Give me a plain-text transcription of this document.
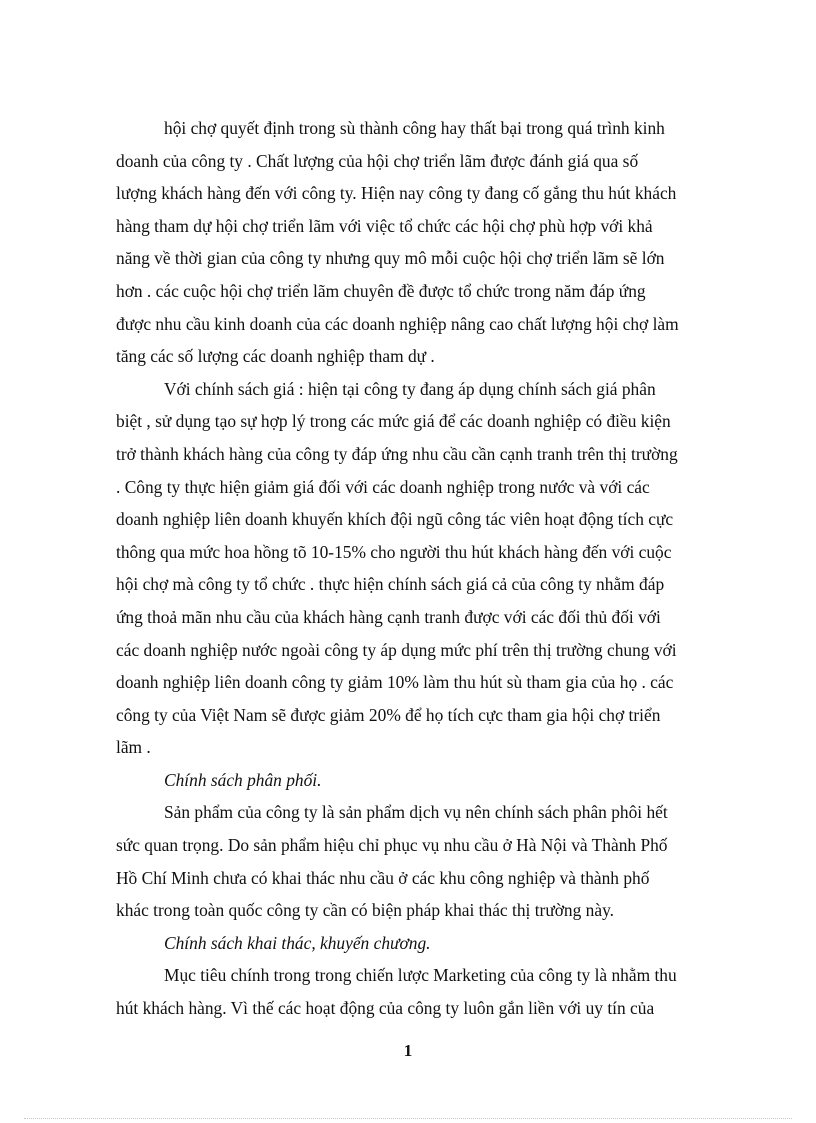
hội chợ quyết định trong sù thành công hay thất bại trong quá trình kinh
doanh của công ty . Chất lượng của hội chợ triển lãm được đánh giá qua số
lượng khách hàng đến với công ty. Hiện nay công ty đang cố gắng thu hút khách
hàng tham dự hội chợ triển lãm với việc tổ chức các hội chợ phù hợp với khả
năng về thời gian của công ty nhưng quy mô mỗi cuộc hội chợ triển lãm sẽ lớn
hơn . các cuộc hội chợ triển lãm chuyên đề được tổ chức trong năm đáp ứng
được nhu cầu kinh doanh của các doanh nghiệp nâng cao chất lượng hội chợ làm
tăng các số lượng các doanh nghiệp tham dự .

Với chính sách giá : hiện tại công ty đang áp dụng chính sách giá phân
biệt , sử dụng tạo sự hợp lý trong các mức giá để các doanh nghiệp có điều kiện
trở thành khách hàng của công ty đáp ứng nhu cầu cần cạnh tranh trên thị trường
. Công ty thực hiện giảm giá đối với các doanh nghiệp trong nước và với các
doanh nghiệp liên doanh khuyến khích đội ngũ công tác viên hoạt động tích cực
thông qua mức hoa hồng tõ 10-15% cho người thu hút khách hàng đến với cuộc
hội chợ mà công ty tổ chức . thực hiện chính sách giá cả của công ty nhằm đáp
ứng thoả mãn nhu cầu của khách hàng cạnh tranh được với các đối thủ đối với
các doanh nghiệp nước ngoài công ty áp dụng mức phí trên thị trường chung với
doanh nghiệp liên doanh công ty giảm 10% làm thu hút sù tham gia của họ . các
công ty của Việt Nam sẽ được giảm 20% để họ tích cực tham gia hội chợ triển
lãm .

Chính sách phân phối.

Sản phẩm của công ty là sản phẩm dịch vụ nên chính sách phân phôi hết
sức quan trọng. Do sản phẩm hiệu chỉ phục vụ nhu cầu ở Hà Nội và Thành Phố
Hồ Chí Minh chưa có khai thác nhu cầu ở các khu công nghiệp và thành phố
khác trong toàn quốc công ty cần có biện pháp khai thác thị trường này.

Chính sách khai thác, khuyến chương.

Mục tiêu chính trong trong chiến lược Marketing của công ty là nhằm thu
hút khách hàng. Vì thế các hoạt động của công ty luôn gắn liền với uy tín của

1
